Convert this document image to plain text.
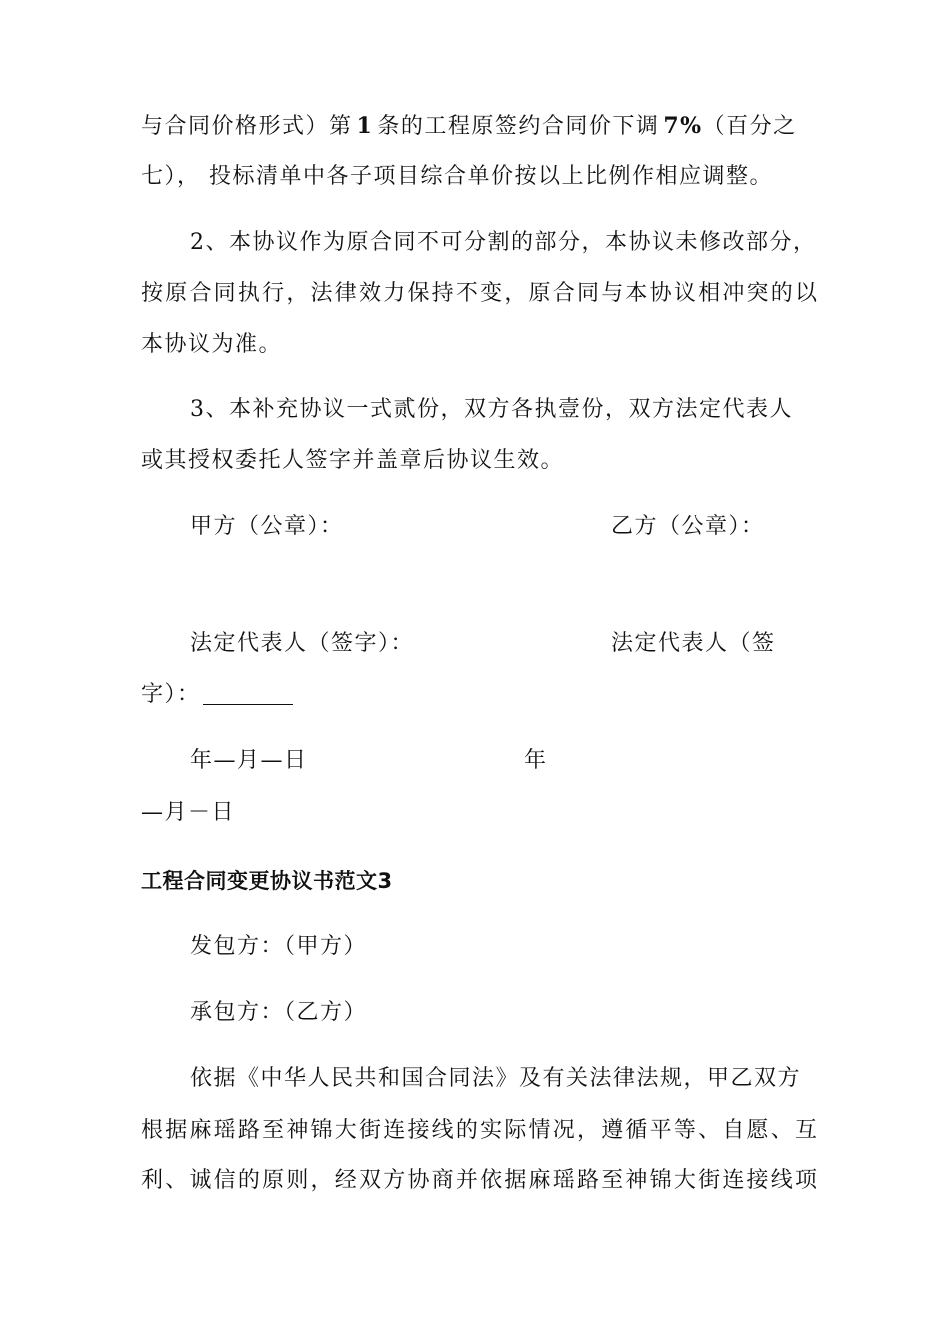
与合同价格形式）第 1 条的工程原签约合同价下调 7%（百分之
七）， 投标清单中各子项目综合单价按以上比例作相应调整。
2、本协议作为原合同不可分割的部分，本协议未修改部分，
按原合同执行，法律效力保持不变，原合同与本协议相冲突的以
本协议为准。
3、本补充协议一式贰份，双方各执壹份，双方法定代表人
或其授权委托人签字并盖章后协议生效。
甲方（公章）：	乙方（公章）：
法定代表人（签字）：	法定代表人（签
字）：
年—月—日	年
—月－日
工程合同变更协议书范文3
发包方：（甲方）
承包方：（乙方）
依据《中华人民共和国合同法》及有关法律法规，甲乙双方
根据麻瑶路至神锦大街连接线的实际情况，遵循平等、自愿、互
利、诚信的原则，经双方协商并依据麻瑶路至神锦大街连接线项
